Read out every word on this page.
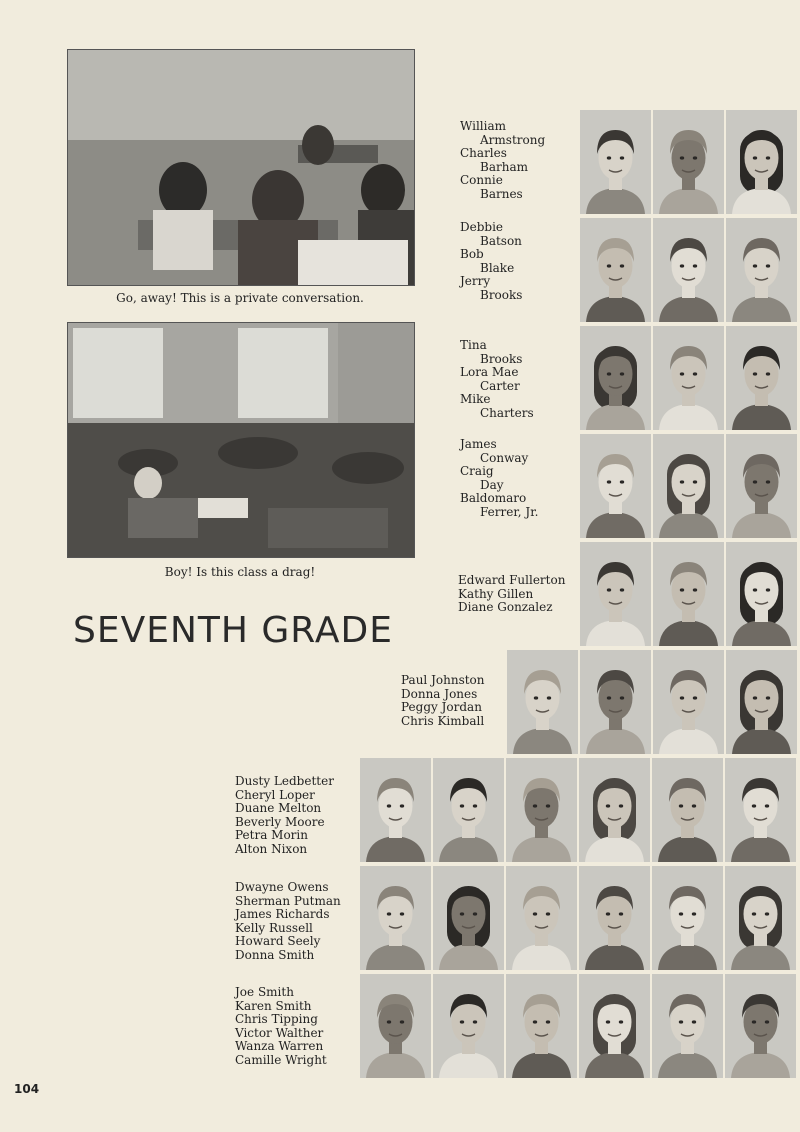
Go, away! This is a private conversation.
Boy! Is this class a drag!
SEVENTH GRADE
William
Armstrong
Charles
Barham
Connie
Barnes
Debbie
Batson
Bob
Blake
Jerry
Brooks
Tina
Brooks
Lora Mae
Carter
Mike
Charters
James
Conway
Craig
Day
Baldomaro
Ferrer, Jr.
Edward Fullerton
Kathy Gillen
Diane Gonzalez
Paul Johnston
Donna Jones
Peggy Jordan
Chris Kimball
Dusty Ledbetter
Cheryl Loper
Duane Melton
Beverly Moore
Petra Morin
Alton Nixon
Dwayne Owens
Sherman Putman
James Richards
Kelly Russell
Howard Seely
Donna Smith
Joe Smith
Karen Smith
Chris Tipping
Victor Walther
Wanza Warren
Camille Wright
104
